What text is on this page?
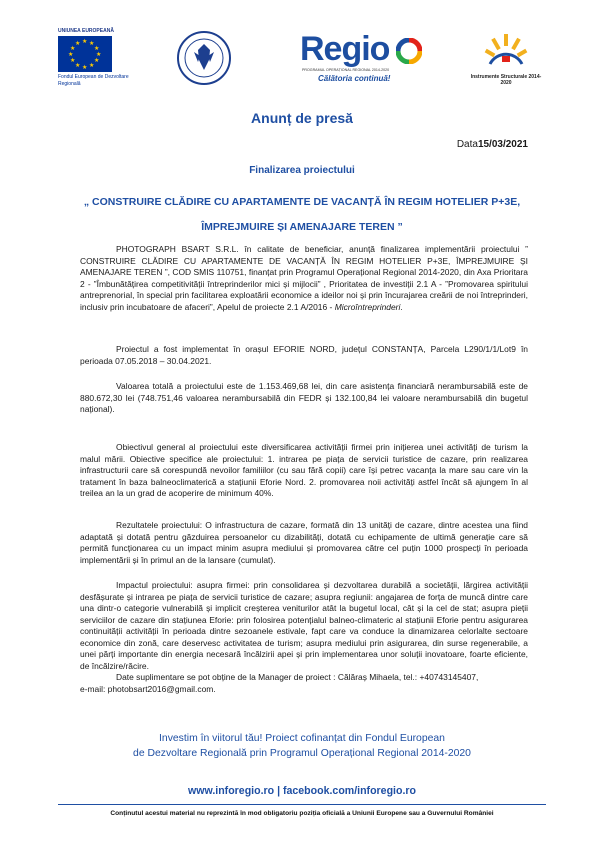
UNIUNEA EUROPEANĂ
★ ★
★
★
★
★
★
★
★
★
★
★
Fondul European de Dezvoltare Regională
Regio
PROGRAMUL OPERAȚIONAL REGIONAL 2014-2020
Călătoria continuă!	Instrumente Structurale 2014-2020
Anunț de presă
Data15/03/2021
Finalizarea proiectului
„ CONSTRUIRE CLĂDIRE CU APARTAMENTE DE VACANȚĂ ÎN REGIM HOTELIER P+3E, ÎMPREJMUIRE ȘI AMENAJARE TEREN ”

PHOTOGRAPH BSART S.R.L. în calitate de beneficiar, anunță finalizarea implementării proiectului ” CONSTRUIRE CLĂDIRE CU APARTAMENTE DE VACANȚĂ ÎN REGIM HOTELIER P+3E, ÎMPREJMUIRE ȘI AMENAJARE TEREN ”, COD SMIS 110751, finanțat prin Programul Operațional Regional 2014-2020, din Axa Prioritara 2 - ”Îmbunătățirea competitivității întreprinderilor mici și mijlocii” , Prioritatea de investiții 2.1 A - ”Promovarea spiritului antreprenorial, în special prin facilitarea exploatării economice a ideilor noi și prin încurajarea creării de noi întreprinderi, inclusiv prin incubatoare de afaceri”, Apelul de proiecte 2.1 A/2016 - Microîntreprinderi.

Proiectul a fost implementat în orașul EFORIE NORD, județul CONSTANȚA, Parcela L290/1/1/Lot9 în perioada 07.05.2018 – 30.04.2021.

Valoarea totală a proiectului este de 1.153.469,68 lei, din care asistența financiară nerambursabilă este de 880.672,30 lei (748.751,46 valoarea nerambursabilă din FEDR și 132.100,84 lei valoare nerambursabilă din bugetul național).

Obiectivul general al proiectului este diversificarea activității firmei prin inițierea unei activități de turism la malul mării. Obiective specifice ale proiectului: 1. intrarea pe piața de servicii turistice de cazare, prin realizarea infrastructurii care să corespundă nevoilor familiilor (cu sau fără copii) care își petrec vacanța la mare sau care vin la tratament în baza balneoclimaterică a stațiunii Eforie Nord. 2. promovarea noii activități astfel încât să ajungem în al treilea an la un grad de acoperire de minimum 40%.

Rezultatele proiectului: O infrastructura de cazare, formată din 13 unități de cazare, dintre acestea una fiind adaptată și dotată pentru găzduirea persoanelor cu dizabilități, dotată cu echipamente de ultimă generație care să permită funcționarea cu un impact minim asupra mediului și promovarea către cel puțin 1000 prospecți în perioada implementării și în primul an de la lansare (cumulat).

Impactul proiectului: asupra firmei: prin consolidarea și dezvoltarea durabilă a societății, lărgirea activității desfășurate și intrarea pe piața de servicii turistice de cazare; asupra regiunii: angajarea de forța de muncă dintre care una dintr-o categorie vulnerabilă și implicit creșterea veniturilor atât la bugetul local, cât și la cel de stat; asupra pieții serviciilor de cazare din stațiunea Eforie: prin folosirea potențialul balneo-climateric al stațiunii Eforie pentru asigurarea continuității activității în perioada dintre sezoanele estivale, fapt care va conduce la dinamizarea celorlalte sectoare economice din zonă, care deservesc activitatea de turism; asupra mediului prin asigurarea, din surse regenerabile, a unei părți importante din energia necesară încălzirii apei și prin implementarea unor soluții inovatoare, foarte eficiente, de încălzire/răcire.

Date suplimentare se pot obține de la Manager de proiect : Călăraș Mihaela, tel.: +40743145407,

e-mail: photobsart2016@gmail.com.

Investim în viitorul tău! Proiect cofinanțat din Fondul European
de Dezvoltare Regională prin Programul Operațional Regional 2014-2020
www.inforegio.ro | facebook.com/inforegio.ro
Conținutul acestui material nu reprezintă în mod obligatoriu poziția oficială a Uniunii Europene sau a Guvernului României
